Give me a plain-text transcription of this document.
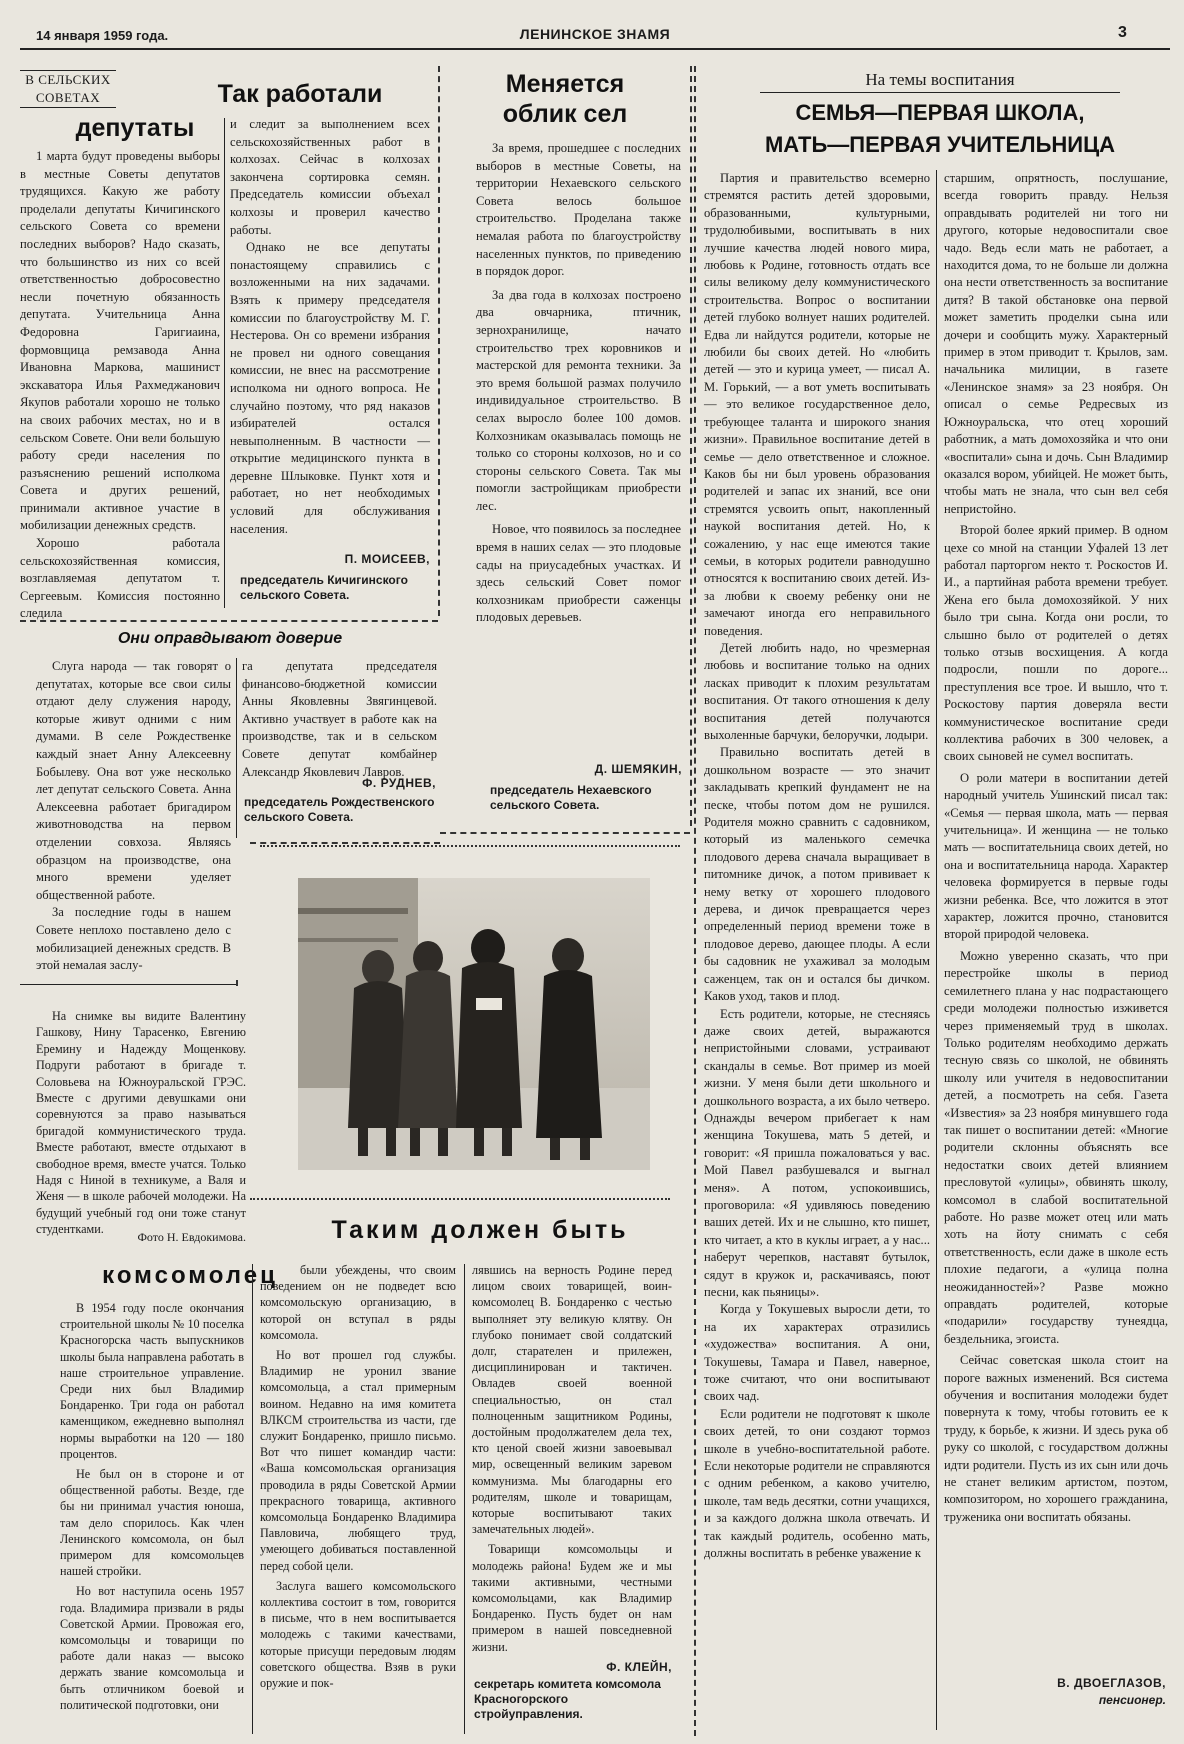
14 января 1959 года.	ЛЕНИНСКОЕ ЗНАМЯ	3
В СЕЛЬСКИХ СОВЕТАХ	Так работали
депутаты

1 марта будут проведены выборы в местные Советы депутатов трудящихся. Какую же работу проделали депутаты Кичигинского сельского Совета со времени последних выборов? Надо сказать, что большинство из них со всей ответственностью добросовестно несли почетную обязанность депутата. Учительница Анна Федоровна Гаригиаина, формовщица ремзавода Анна Ивановна Маркова, машинист экскаватора Илья Рахмеджанович Якупов работали хорошо не только на своих рабочих местах, но и в сельском Совете. Они вели большую работу среди населения по разъяснению решений исполкома Совета и других решений, принимали активное участие в мобилизации денежных средств.

Хорошо работала сельскохозяйственная комиссия, возглавляемая депутатом т. Сергеевым. Комиссия постоянно следила

и следит за выполнением всех сельскохозяйственных работ в колхозах. Сейчас в колхозах закончена сортировка семян. Председатель комиссии объехал колхозы и проверил качество работы.

Однако не все депутаты понастоящему справились с возложенными на них задачами. Взять к примеру председателя комиссии по благоустройству М. Г. Нестерова. Он со времени избрания не провел ни одного совещания комиссии, не внес на рассмотрение исполкома ни одного вопроса. Не случайно поэтому, что ряд наказов избирателей остался невыполненным. В частности — открытие медицинского пункта в деревне Шлыковке. Пункт хотя и работает, но нет необходимых условий для обслуживания населения.

П. МОИСЕЕВ,
председатель Кичигинского сельского Совета.
Меняется
облик сел

За время, прошедшее с последних выборов в местные Советы, на территории Нехаевского сельского Совета велось большое строительство. Проделана также немалая работа по благоустройству населенных пунктов, по приведению в порядок дорог.

За два года в колхозах построено два овчарника, птичник, зернохранилище, начато строительство трех коровников и мастерской для ремонта техники. За это время большой размах получило индивидуальное строительство. В селах выросло более 100 домов. Колхозникам оказывалась помощь не только со стороны колхозов, но и со стороны сельского Совета. Так мы помогли застройщикам приобрести лес.

Новое, что появилось за последнее время в наших селах — это плодовые сады на приусадебных участках. И здесь сельский Совет помог колхозникам приобрести саженцы плодовых деревьев.

Д. ШЕМЯКИН,
председатель Нехаевского сельского Совета.
Они оправдывают доверие

Слуга народа — так говорят о депутатах, которые все свои силы отдают делу служения народу, которые живут одними с ним думами. В селе Рождественке каждый знает Анну Алексеевну Бобылеву. Она вот уже несколько лет депутат сельского Совета. Анна Алексеевна работает бригадиром животноводства на первом отделении совхоза. Являясь образцом на производстве, она много времени уделяет общественной работе.

За последние годы в нашем Совете неплохо поставлено дело с мобилизацией денежных средств. В этой немалая заслу-

га депутата председателя финансово-бюджетной комиссии Анны Яковлевны Звягинцевой. Активно участвует в работе как на производстве, так и в сельском Совете депутат комбайнер Александр Яковлевич Лавров.

Ф. РУДНЕВ,
председатель Рождественского сельского Совета.

На снимке вы видите Валентину Гашкову, Нину Тарасенко, Евгению Еремину и Надежду Мощенкову. Подруги работают в бригаде т. Соловьева на Южноуральской ГРЭС. Вместе с другими девушками они соревнуются за право называться бригадой коммунистического труда. Вместе работают, вместе отдыхают в свободное время, вместе учатся. Только Надя с Ниной в техникуме, а Валя и Женя — в школе рабочей молодежи. На будущий учебный год они тоже станут студентками.

Фото Н. Евдокимова.	Таким должен быть
комсомолец

В 1954 году после окончания строительной школы № 10 поселка Красногорска часть выпускников школы была направлена работать в наше строительное управление. Среди них был Владимир Бондаренко. Три года он работал каменщиком, ежедневно выполнял нормы выработки на 120 — 180 процентов.

Не был он в стороне и от общественной работы. Везде, где бы ни принимал участия юноша, там дело спорилось. Как член Ленинского комсомола, он был примером для комсомольцев нашей стройки.

Но вот наступила осень 1957 года. Владимира призвали в ряды Советской Армии. Провожая его, комсомольцы и товарищи по работе дали наказ — высоко держать звание комсомольца и быть отличником боевой и политической подготовки, они

были убеждены, что своим поведением он не подведет всю комсомольскую организацию, в которой он вступал в ряды комсомола.

Но вот прошел год службы. Владимир не уронил звание комсомольца, а стал примерным воином. Недавно на имя комитета ВЛКСМ строительства из части, где служит Бондаренко, пришло письмо. Вот что пишет командир части: «Ваша комсомольская организация проводила в ряды Советской Армии прекрасного товарища, активного комсомольца Бондаренко Владимира Павловича, любящего труд, умеющего добиваться поставленной перед собой цели.

Заслуга вашего комсомольского коллектива состоит в том, говорится в письме, что в нем воспитывается молодежь с такими качествами, которые присущи передовым людям советского общества. Взяв в руки оружие и пок-

лявшись на верность Родине перед лицом своих товарищей, воин-комсомолец В. Бондаренко с честью выполняет эту великую клятву. Он глубоко понимает свой солдатский долг, старателен и прилежен, дисциплинирован и тактичен. Овладев своей военной специальностью, он стал полноценным защитником Родины, достойным продолжателем дела тех, кто ценой своей жизни завоевывал мир, освещенный великим заревом коммунизма. Мы благодарны его родителям, школе и товарищам, которые воспитывают таких замечательных людей».

Товарищи комсомольцы и молодежь района! Будем же и мы такими активными, честными комсомольцами, как Владимир Бондаренко. Пусть будет он нам примером в нашей повседневной жизни.

Ф. КЛЕЙН,
секретарь комитета комсомола Красногорского стройуправления.
На темы воспитания
СЕМЬЯ—ПЕРВАЯ ШКОЛА,
МАТЬ—ПЕРВАЯ УЧИТЕЛЬНИЦА

Партия и правительство всемерно стремятся растить детей здоровыми, образованными, культурными, трудолюбивыми, воспитывать в них лучшие качества людей нового мира, любовь к Родине, готовность отдать все силы великому делу коммунистического строительства. Вопрос о воспитании детей глубоко волнует наших родителей. Едва ли найдутся родители, которые не любили бы своих детей. Но «любить детей — это и курица умеет, — писал А. М. Горький, — а вот уметь воспитывать — это великое государственное дело, требующее таланта и широкого знания жизни». Правильное воспитание детей в семье — дело ответственное и сложное. Каков бы ни был уровень образования родителей и запас их знаний, все они стремятся усвоить опыт, накопленный наукой воспитания детей. Но, к сожалению, у нас еще имеются такие семьи, в которых родители равнодушно относятся к воспитанию своих детей. Из-за любви к своему ребенку они не замечают иногда его неправильного поведения.

Детей любить надо, но чрезмерная любовь и воспитание только на одних ласках приводит к плохим результатам воспитания. От такого отношения к делу воспитания детей получаются выхоленные барчуки, белоручки, лодыри.

Правильно воспитать детей в дошкольном возрасте — это значит закладывать крепкий фундамент не на песке, чтобы потом дом не рушился. Родителя можно сравнить с садовником, который из маленького семечка плодового дерева сначала выращивает в питомнике дичок, а потом прививает к нему ветку от хорошего плодового дерева, и дичок превращается через определенный период времени тоже в плодовое дерево, дающее плоды. А если бы садовник не ухаживал за молодым саженцем, так он и остался бы дичком. Каков уход, таков и плод.

Есть родители, которые, не стесняясь даже своих детей, выражаются непристойными словами, устраивают скандалы в семье. Вот пример из моей жизни. У меня были дети школьного и дошкольного возраста, а их было четверо. Однажды вечером прибегает к нам женщина Токушева, мать 5 детей, и говорит: «Я пришла пожаловаться у вас. Мой Павел разбушевался и выгнал меня». А потом, успокоившись, проговорила: «Я удивляюсь поведению ваших детей. Их и не слышно, кто пишет, кто читает, а кто в куклы играет, а у нас... наберут черепков, наставят бутылок, сядут в кружок и, раскачиваясь, поют песни, как пьяницы».

Когда у Токушевых выросли дети, то на их характерах отразились «художества» воспитания. А они, Токушевы, Тамара и Павел, наверное, тоже считают, что они воспитывают своих чад.

Если родители не подготовят к школе своих детей, то они создают тормоз школе в учебно-воспитательной работе. Если некоторые родители не справляются с одним ребенком, а каково учителю, школе, там ведь десятки, сотни учащихся, и за каждого должна школа отвечать. И так каждый родитель, особенно мать, должны воспитать в ребенке уважение к

старшим, опрятность, послушание, всегда говорить правду. Нельзя оправдывать родителей ни того ни другого, которые недовоспитали свое чадо. Ведь если мать не работает, а находится дома, то не больше ли должна она нести ответственность за воспитание дитя? В такой обстановке она первой может заметить проделки сына или дочери и сообщить мужу. Характерный пример в этом приводит т. Крылов, зам. начальника милиции, в газете «Ленинское знамя» за 23 ноября. Он описал о семье Редресвых из Южноуральска, что отец хороший работник, а мать домохозяйка и что они «воспитали» сына и дочь. Сын Владимир оказался вором, убийцей. Не может быть, чтобы мать не знала, что сын вел себя непристойно.

Второй более яркий пример. В одном цехе со мной на станции Уфалей 13 лет работал парторгом некто т. Роскостов И. И., а партийная работа времени требует. Жена его была домохозяйкой. У них было три сына. Когда они росли, то слышно было от родителей о детях только отзыв восхищения. А когда подросли, пошли по дороге... преступления все трое. И вышло, что т. Роскостову партия доверяла вести коммунистическое воспитание среди коллектива рабочих в 300 человек, а своих сыновей не сумел воспитать.

О роли матери в воспитании детей народный учитель Ушинский писал так: «Семья — первая школа, мать — первая учительница». И женщина — не только мать — воспитательница своих детей, но она и воспитательница народа. Характер человека формируется в первые годы жизни ребенка. Все, что ложится в этот характер, ложится прочно, становится второй природой человека.

Можно уверенно сказать, что при перестройке школы в период семилетнего плана у нас подрастающего среди молодежи полностью изживется через применяемый труд в школах. Только родителям необходимо держать тесную связь со школой, не обвинять школу или учителя в недовоспитании детей, а посмотреть на себя. Газета «Известия» за 23 ноября минувшего года так пишет о воспитании детей: «Многие родители склонны объяснять все недостатки своих детей влиянием пресловутой «улицы», обвинять школу, комсомол в слабой воспитательной работе. Но разве может отец или мать хоть на йоту снимать с себя ответственность, если даже в школе есть плохие педагоги, а «улица полна неожиданностей»? Разве можно оправдать родителей, которые «подарили» государству тунеядца, бездельника, эгоиста.

Сейчас советская школа стоит на пороге важных изменений. Вся система обучения и воспитания молодежи будет повернута к тому, чтобы готовить ее к труду, к борьбе, к жизни. И здесь рука об руку со школой, с государством должны идти родители. Пусть из их сын или дочь не станет великим артистом, поэтом, композитором, но хорошего гражданина, труженика они воспитать обязаны.

В. ДВОЕГЛАЗОВ,
пенсионер.
